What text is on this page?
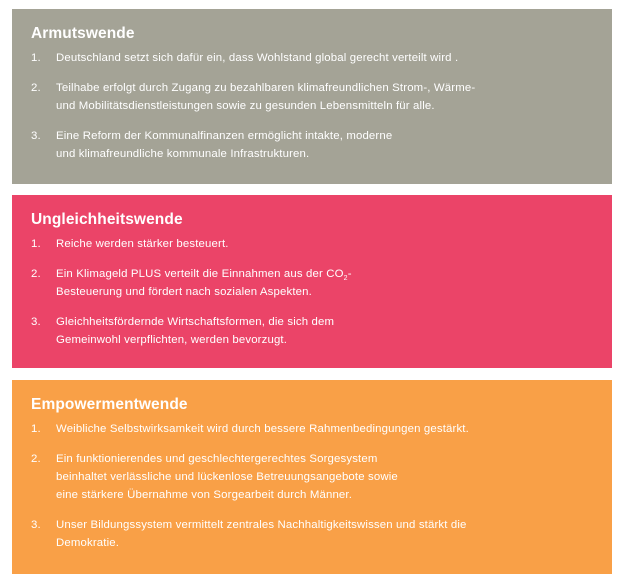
Armutswende
1.	Deutschland setzt sich dafür ein, dass Wohlstand global gerecht verteilt wird .
2.	Teilhabe erfolgt durch Zugang zu bezahlbaren klimafreundlichen Strom-, Wärme-
und Mobilitätsdienstleistungen sowie zu gesunden Lebensmitteln für alle.
3.	Eine Reform der Kommunalfinanzen ermöglicht intakte, moderne
und klimafreundliche kommunale Infrastrukturen.
Ungleichheitswende
1.	Reiche werden stärker besteuert.
2.	Ein Klimageld PLUS verteilt die Einnahmen aus der $CO_2-$
Besteuerung und fördert nach sozialen Aspekten.
3.	Gleichheitsfördernde Wirtschaftsformen, die sich dem
Gemeinwohl verpflichten, werden bevorzugt.
Empowermentwende
1.	Weibliche Selbstwirksamkeit wird durch bessere Rahmenbedingungen gestärkt.
2.	Ein funktionierendes und geschlechtergerechtes Sorgesystem
beinhaltet verlässliche und lückenlose Betreuungsangebote sowie
eine stärkere Übernahme von Sorgearbeit durch Männer.
3.	Unser Bildungssystem vermittelt zentrales Nachhaltigkeitswissen und stärkt die
Demokratie.
